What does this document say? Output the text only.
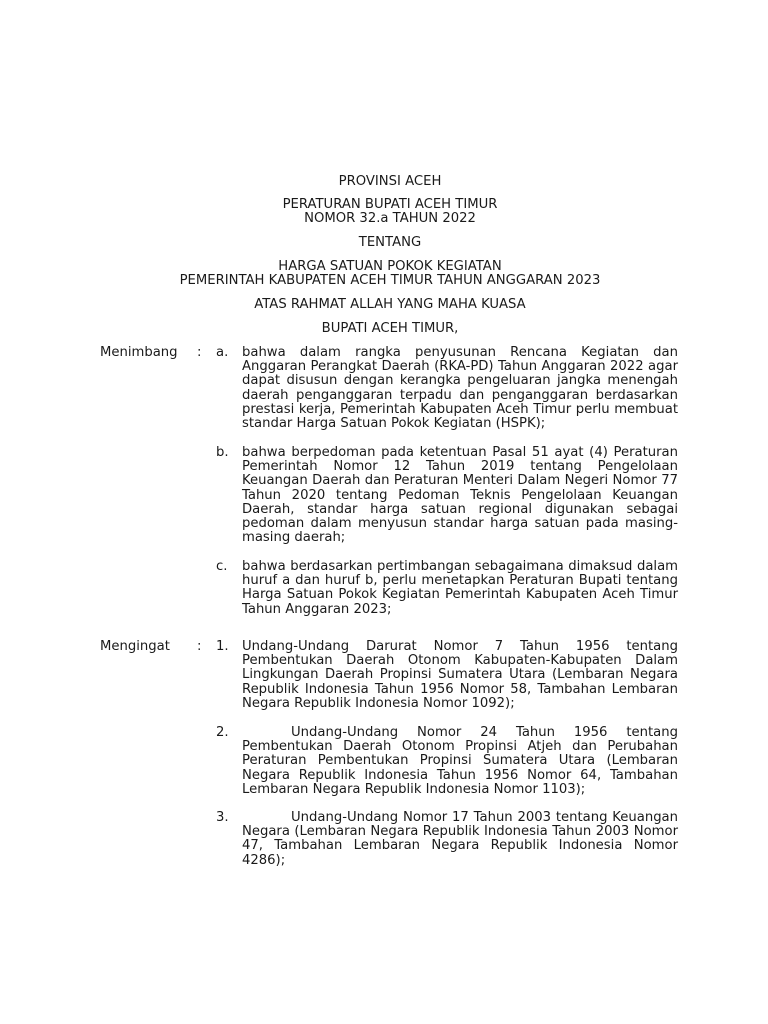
PROVINSI ACEH
PERATURAN BUPATI ACEH TIMUR
NOMOR 32.a TAHUN 2022
TENTANG
HARGA SATUAN POKOK KEGIATAN
PEMERINTAH KABUPATEN ACEH TIMUR TAHUN ANGGARAN 2023
ATAS RAHMAT ALLAH YANG MAHA KUASA
BUPATI ACEH TIMUR,
Menimbang : a. bahwa dalam rangka penyusunan Rencana Kegiatan dan Anggaran Perangkat Daerah (RKA-PD) Tahun Anggaran 2022 agar dapat disusun dengan kerangka pengeluaran jangka menengah daerah penganggaran terpadu dan penganggaran berdasarkan prestasi kerja, Pemerintah Kabupaten Aceh Timur perlu membuat standar Harga Satuan Pokok Kegiatan (HSPK);
b. bahwa berpedoman pada ketentuan Pasal 51 ayat (4) Peraturan Pemerintah Nomor 12 Tahun 2019 tentang Pengelolaan Keuangan Daerah dan Peraturan Menteri Dalam Negeri Nomor 77 Tahun 2020 tentang Pedoman Teknis Pengelolaan Keuangan Daerah, standar harga satuan regional digunakan sebagai pedoman dalam menyusun standar harga satuan pada masing-masing daerah;
c. bahwa berdasarkan pertimbangan sebagaimana dimaksud dalam huruf a dan huruf b, perlu menetapkan Peraturan Bupati tentang Harga Satuan Pokok Kegiatan Pemerintah Kabupaten Aceh Timur Tahun Anggaran 2023;
Mengingat : 1. Undang-Undang Darurat Nomor 7 Tahun 1956 tentang Pembentukan Daerah Otonom Kabupaten-Kabupaten Dalam Lingkungan Daerah Propinsi Sumatera Utara (Lembaran Negara Republik Indonesia Tahun 1956 Nomor 58, Tambahan Lembaran Negara Republik Indonesia Nomor 1092);
2.	Undang-Undang Nomor 24 Tahun 1956 tentang Pembentukan Daerah Otonom Propinsi Atjeh dan Perubahan Peraturan Pembentukan Propinsi Sumatera Utara (Lembaran Negara Republik Indonesia Tahun 1956 Nomor 64, Tambahan Lembaran Negara Republik Indonesia Nomor 1103);
3.	Undang-Undang Nomor 17 Tahun 2003 tentang Keuangan Negara (Lembaran Negara Republik Indonesia Tahun 2003 Nomor 47, Tambahan Lembaran Negara Republik Indonesia Nomor 4286);
